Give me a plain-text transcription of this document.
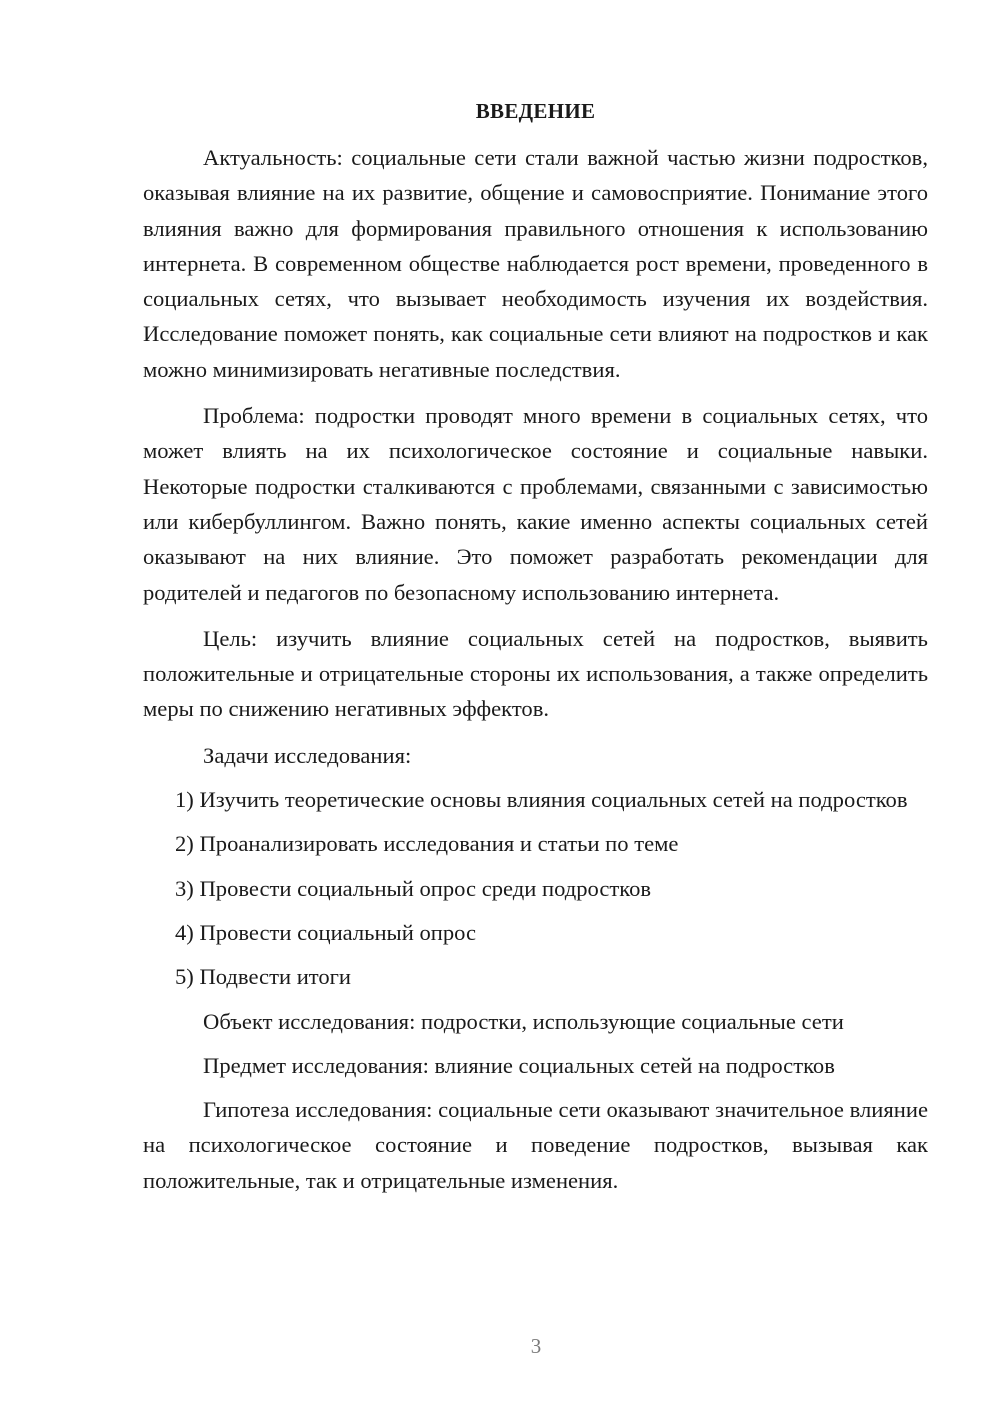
ВВЕДЕНИЕ

Актуальность: социальные сети стали важной частью жизни подростков, оказывая влияние на их развитие, общение и самовосприятие. Понимание этого влияния важно для формирования правильного отношения к использованию интернета. В современном обществе наблюдается рост времени, проведенного в социальных сетях, что вызывает необходимость изучения их воздействия. Исследование поможет понять, как социальные сети влияют на подростков и как можно минимизировать негативные последствия.

Проблема: подростки проводят много времени в социальных сетях, что может влиять на их психологическое состояние и социальные навыки. Некоторые подростки сталкиваются с проблемами, связанными с зависимостью или кибербуллингом. Важно понять, какие именно аспекты социальных сетей оказывают на них влияние. Это поможет разработать рекомендации для родителей и педагогов по безопасному использованию интернета.

Цель: изучить влияние социальных сетей на подростков, выявить положительные и отрицательные стороны их использования, а также определить меры по снижению негативных эффектов.

Задачи исследования:

1) Изучить теоретические основы влияния социальных сетей на подростков

2) Проанализировать исследования и статьи по теме

3) Провести социальный опрос среди подростков

4) Провести социальный опрос

5) Подвести итоги

Объект исследования: подростки, использующие социальные сети

Предмет исследования: влияние социальных сетей на подростков

Гипотеза исследования: социальные сети оказывают значительное влияние на психологическое состояние и поведение подростков, вызывая как положительные, так и отрицательные изменения.

3
